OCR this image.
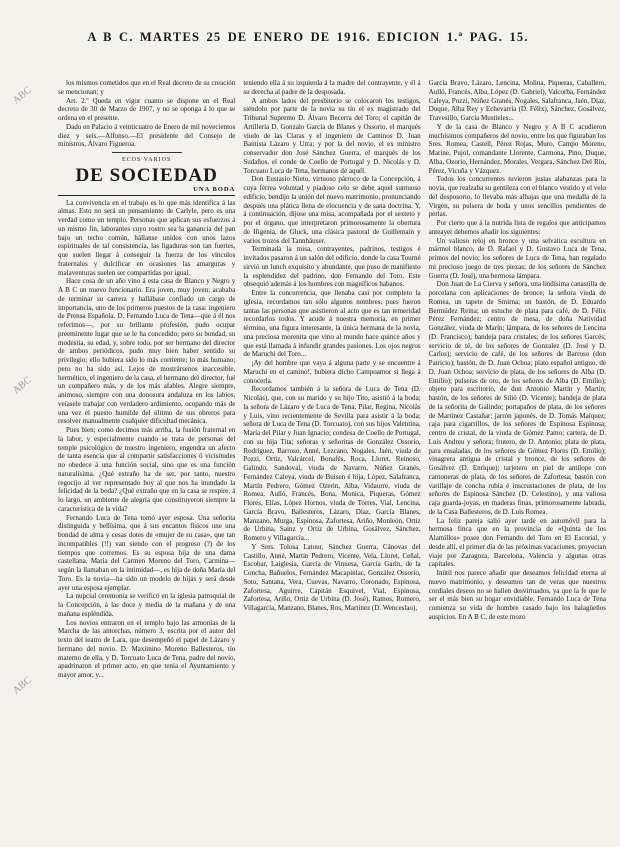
A B C. MARTES 25 DE ENERO DE 1916. EDICION 1.ª PAG. 15.
ABC
ABC
ABC

los mismos cometidos que en el Real decreto de su creación se mencionan; y

Art. 2.º Queda en vigor cuanto se dispone en el Real decreto de 30 de Marzo de 1907, y no se oponga á lo que se ordena en el presente.

Dado en Palacio á veinticuatro de Enero de mil novecientos diez y seis.—Alfonso.—El presidente del Consejo de ministros, Álvaro Figueroa.

ECOS VARIOS
DE SOCIEDAD
UNA BODA

La convivencia en el trabajo es lo que más identifica á las almas. Esto no será un pensamiento de Carlyle, pero es una verdad como un templo. Personas que aplican sus esfuerzos á un mismo fin, laborantes cuyo rostro sea la ganancia del pan bajo un techo común, hállanse unidos con unos lazos espirituales de tal consistencia, las ligaduras son tan fuertes, que suelen llegar á conseguir la fuerza de los vínculos fraternales y dulcificar en ocasiones las amarguras y malaventuras suelen ser compartidas por igual.

Hace cosa de un año vino á esta casa de Blanco y Negro y A B C un nuevo funcionario. Era joven, muy joven; acababa de terminar su carrera y hallábase confiado un cargo de importancia, uno de los primeros puestos de la casa: ingeniero de Prensa Española. D. Fernando Luca de Tena—que á él nos referimos—, por su brillante profesión, pudo ocupar preeminente lugar que se le ha concedido; pero su bondad, su modestia, su edad, y, sobre todo, por ser hermano del director de ambos periódicos, pudo muy bien haber sentido su privilegio; ello hubiera sido lo más corriente; lo más humano; pero no ha sido así. Lejos de mostrársenos inaccesible, hermético, el ingeniero de la casa, el hermano del director, fué un compañero más, y de los más afables. Alegre siempre, animoso, siempre con una donosura andaluza en los labios, veíasele trabajar con verdadero ardimiento, ocupando más de una vez el puesto humilde del último de sus obreros para resolver manualmente cualquier dificultad mecánica.

Pues bien; como decimos más arriba, la fusión fraternal en la labor, y especialmente cuando se trata de personas del temple psicológico de nuestro ingeniero, engendra un afecto de tanta esencia que al compartir satisfacciones ó vicisitudes no obedece á una función social, sino que es una función naturalísima. ¿Qué extraño ha de ser, por tanto, nuestro regocijo al ver representado hoy al que nos ha inundado la felicidad de la boda? ¿Qué extraño que en la casa se respire, á lo largo, un ambiente de alegría que constituyeron siempre la característica de la vida?

Fernando Luca de Tena tomó ayer esposa. Una señorita distinguida y bellísima, que á sus encantos físicos une una bondad de alma y cesas dotes de «mujer de su casa», que tan incompatibles (!!) van siendo con el progreso (?) de los tiempos que corremos. Es su esposa hija de una dama castellana. María del Carmen Moreno del Toro, Carmina—según la llamaban en la intimidad—, es hija de doña María del Toro. Es la novia—ha sido un modelo de hijas y será desde ayer una esposa ejemplar.

La nupcial ceremonia se verificó en la iglesia parroquial de la Concepción, á las doce y media de la mañana y de una mañana espléndida.

Los novios entraron en el templo bajo las armonías de la Marcha de las antorchas, número 3, escrita por el autor del texto del teatro de Lara, que desempeñó el papel de Lázaro y hermano del novio. D. Maximino Moreno Ballesteros, tío materno de ella, y D. Torcuato Luca de Tena, padre del novio, apadrinaron el primer acto, en que tenía el Ayuntamiento y mayor amor, y...

teniendo ella á su izquierda á la madre del contrayente, y él á su derecha al padre de la desposada.

A ambos lados del presbiterio se colocaron los testigos, siéndolo por parte de la novia su tío el ex magistrado del Tribunal Supremo D. Álvaro Becerra del Toro; el capitán de Artillería D. Gonzalo García de Blanes y Ossorio, el marqués viudo de las Claras y el ingeniero de Caminos D. Juan Bautista Lázaro y Urra; y por la del novio, el ex ministro conservador don José Sánchez Guerra, el marqués de los Sudaños, el conde de Coello de Portugal y D. Nicolás y D. Torcuato Luca de Tena, hermanos de aquél.

Don Eustasio Nieto, virtuoso párroco de la Concepción, á cuya férrea voluntad y piadoso celo se debe aquel suntuoso edificio, bendijo la unión del nuevo matrimonio, pronunciando después una plática llena de elocuencia y de sana doctrina. Y, á continuación, díjose una misa, acompañada por el sexteto y por el órgano, que interpretaron primorosamente la obertura de Ifigenia, de Gluck, una clásica pastoral de Guillemain y varios trozos del Tannhäuser.

Terminada la misa, contrayentes, padrinos, testigos é invitados pasaron á un salón del edificio, donde la casa Tourné sirvió un lunch exquisito y abundante, que puso de manifiesto la esplendidez del padrino, don Fernando del Toro. Este obsequió además á los hombres con magníficos habanos.

Entre la concurrencia, que llenaba casi por completo la iglesia, recordamos tan sólo algunos nombres, pues fueron tantas las personas que asistieron al acto que es tan temeridad recordarlos todos. Y acude á nuestra memoria, en primer término, una figura interesante, la única hermana de la novia, una preciosa morenita que vino al mundo hace quince años y que está llamada á infundir grandes pasiones. Los ojos negros de Maruchi del Toro...

¡Ay del hombre que vaya á alguna parte y se encuentre á Maruchi en el camino!, hubiera dicho Campoamor si llega á conocerla.

Recordamos también á la señora de Luca de Tena (D. Nicolás), que, con su marido y su hijo Tito, asistió á la boda; la señora de Lázaro y de Luca de Tena, Pilar, Regina, Nicolás y Luis, vino recientemente de Sevilla para asistir á la boda; señora de Luca de Tena (D. Torcuato), con sus hijos Valentina, María del Pilar y Juan Ignacio; condesa de Coello de Portugal, con su hija Tita; señoras y señoritas de González Ossorio, Rodríguez, Barroso, Anné, Lezcano, Nogales, Jaén, viuda de Pozzi, Ortiz, Valcárcel, Bonafés, Roca, Lloret, Reinoso, Galindo, Sandoval, viuda de Navarro, Núñez Granés, Fernández Caleya, viuda de Buisen é hija, López, Salafranca, Martín Pedrero, Gómez Ozerin, Alba, Vidaurre, viuda de Romea, Aulló, Francés, Bona, Monica, Piqueras, Gómez Flores, Elías, López Hornos, viuda de Torres, Vial, Lencina, García Bravo, Ballesteros, Lázaro, Díaz, García Blanes, Manzano, Murga, Espinosa, Zafortesa, Ariño, Monleón, Ortiz de Urbina, Sainz y Ortiz de Urbina, Gosálvez, Sánchez, Romero y Villagarcía...

Y Sres. Tolosa Latour, Sánchez Guerra, Cánovas del Castillo, Anné, Martín Pedrero, Vicente, Vela, Lloret, Ceñal, Escobar, Laiglesia, García de Vinuesa, García Garín, de la Concha, Bañuelos, Fernández Macapinlac, González Ossorio, Soto, Santana, Vera, Cuevas, Navarro, Coronado, Espinosa, Zafortesa, Aguirre, Capitán Esquivel, Vial, Espinosa, Zafortesa, Ariño, Ortiz de Urbina (D. José), Ramos, Romero, Villagarcía, Manzano, Blanes, Ros, Martínez (D. Wenceslao),

García Bravo, Lázaro, Lencina, Molina, Piqueras, Caballero, Aulló, Francés, Alba, López (D. Gabriel), Valcorba, Fernández Caleya, Pozzi, Núñez Granés, Nogales, Salafranca, Jaén, Díaz, Duque, Alba Rey y Echevarría (D. Félix), Sánchez, Gosálvez, Travesillo, García Mustieles...

Y de la casa de Blanco y Negro y A B C acudieron muchísimos compañeros del novio, entre los que figuraban los Sres. Romea, Castell, Pérez Rojas, Muro, Campo Moreno, Marine, Pujol, comandante Llorente, Carmona, Pino, Duque, Alba, Ozorio, Hernández, Morales, Vergara, Sánchez Del Río, Pérez, Vicuña y Vázquez.

Todos los concurrentes tuvieron justas alabanzas para la novia, que realzaba su gentileza con el blanco vestido y el velo del desposorio, lo llevaba más alhajas que una medalla de la Virgen, su pulsera de boda y unos sencillos pendientes de perlas.

Por cierto que á la nutrida lista de regalos que anticipamos anteayer debemos añadir los siguientes:

Un valioso reloj en bronce y una selvatica escultura en mármol blanco, de D. Rafael y D. Gustavo Luca de Tena, primos del novio; los señores de Luca de Tena, han regalado mi precioso juego de tres piezas; de los señores de Sánchez Guerra (D. José), una hermosa lámpara.

Don Juan de La Cierva y señora, una lindísima canastilla de porcelana con aplicaciones de bronce; la señora viuda de Romea, un tapete de Smirna; un bastón, de D. Eduardo Bermúdez Reina; un estuche de plata para café, de D. Félix Pérez Fernández; centro de mesa, de doña Natividad González, viuda de Marín; lámpara, de los señores de Lencina (D. Francisco); bandeja para cristales; de los señores Garcés; servicio de té, de los señores de Gonzalez (D. José y D. Carlos); servicio de café, de los señores de Barroso (don Patricio); bastón, de D. Juan Ochoa; plato español antiguo, de D. Juan Ochoa; servicio de plata, de los señores de Alba (D. Emilio); pulseras de oro, de los señores de Alba (D. Emilio); objeto para escritorio, de don Antonio Martín y Martín; bastón, de los señores de Silió (D. Vicente); bandeja de plata de la señorita de Galindo; portapaños de plata, de los señores de Martínez Castañar; jarrón japonés, de D. Tomás Maíquez; caja para cigarrillos, de los señores de Espinosa Espinosa; centro de cristal, de la viuda de Gómez Pamo; cartera, de D. Luis Andreu y señora; frutero, de D. Antonio; plata de plata, para ensaladas, de los señores de Gómez Flores (D. Emilio); vinagrera antigua de cristal y bronce, de los señores de Gosálvez (D. Enrique); tarjetero en piel de antílope con cantoneras de plata, de los señores de Zafortesa; bastón con varillaje de concha rubia é inscrustaciones de plata, de los señores de Espinosa Sánchez (D. Celestino), y una valiosa caja guarda-joyas, en maderas finas, primorosamente labrada, de la Casa Ballesteros, de D. Luis Romea.

La feliz pareja salió ayer tarde en automóvil para la hermosa finca que en la provincia de «Quinta de los Alamillos» posee don Fernando del Toro en El Escorial, y desde allí, el primer día de las próximas vacaciones, proyectan viaje por Zaragoza, Barcelona, Valencia y algunas otras capitales.

Inútil nos parece añadir que deseamos felicidad eterna al nuevo matrimonio, y deseamos tan de veras que nuestros cordiales deseos no se hallen desvirtuados, ya que la fe que le ser el más bien su hogar envidiable. Fernando Luca de Tena comienza su vida de hombre casado bajo los halagüeños auspicios. En A B C, de este mozo
